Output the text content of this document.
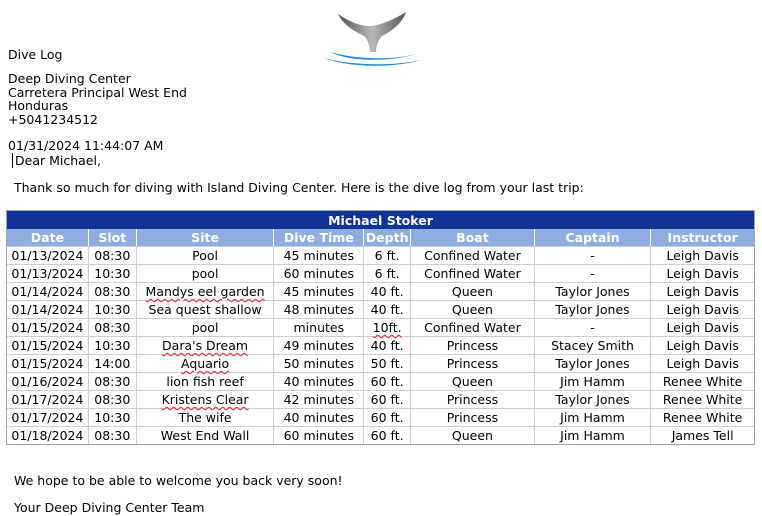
Dive Log
Deep Diving Center
Carretera Principal West End
Honduras
+5041234512
01/31/2024 11:44:07 AM
Dear Michael,
Thank so much for diving with Island Diving Center. Here is the dive log from your last trip:
Michael Stoker							
Date	Slot	Site	Dive Time	Depth	Boat	Captain	Instructor
01/13/2024	08:30	Pool	45 minutes	6 ft.	Confined Water	-	Leigh Davis
01/13/2024	10:30	pool	60 minutes	6 ft.	Confined Water	-	Leigh Davis
01/14/2024	08:30	Mandys eel garden	45 minutes	40 ft.	Queen	Taylor Jones	Leigh Davis
01/14/2024	10:30	Sea quest shallow	48 minutes	40 ft.	Queen	Taylor Jones	Leigh Davis
01/15/2024	08:30	pool	minutes	10ft.	Confined Water	-	Leigh Davis
01/15/2024	10:30	Dara's Dream	49 minutes	40 ft.	Princess	Stacey Smith	Leigh Davis
01/15/2024	14:00	Aquario	50 minutes	50 ft.	Princess	Taylor Jones	Leigh Davis
01/16/2024	08:30	lion fish reef	40 minutes	60 ft.	Queen	Jim Hamm	Renee White
01/17/2024	08:30	Kristens Clear	42 minutes	60 ft.	Princess	Taylor Jones	Renee White
01/17/2024	10:30	The wife	40 minutes	60 ft.	Princess	Jim Hamm	Renee White
01/18/2024	08:30	West End Wall	60 minutes	60 ft.	Queen	Jim Hamm	James Tell
We hope to be able to welcome you back very soon!
Your Deep Diving Center Team
